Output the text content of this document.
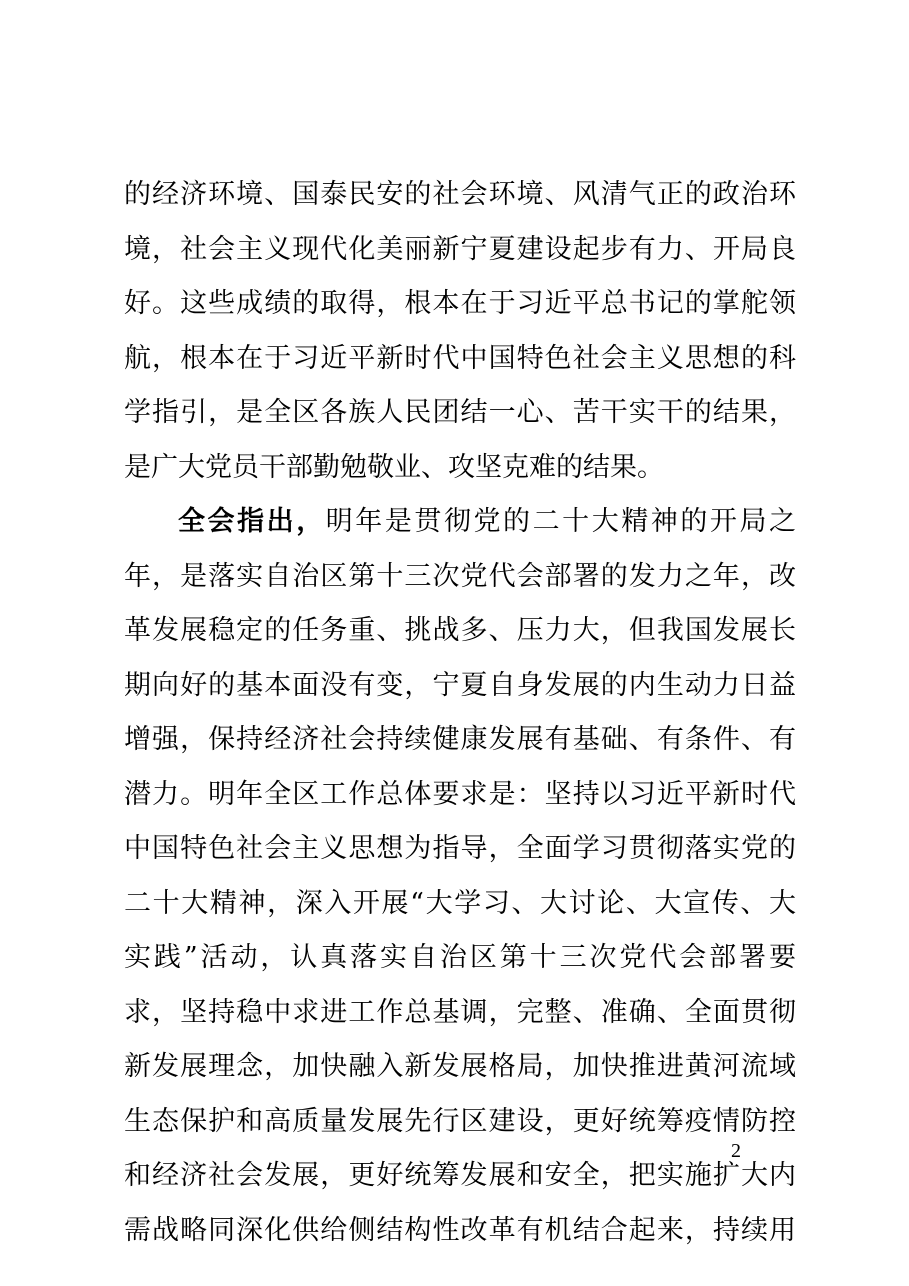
的经济环境、国泰民安的社会环境、风清气正的政治环
境，社会主义现代化美丽新宁夏建设起步有力、开局良
好。这些成绩的取得，根本在于习近平总书记的掌舵领
航，根本在于习近平新时代中国特色社会主义思想的科
学指引，是全区各族人民团结一心、苦干实干的结果，
是广大党员干部勤勉敬业、攻坚克难的结果。
全会指出，明年是贯彻党的二十大精神的开局之
年，是落实自治区第十三次党代会部署的发力之年，改
革发展稳定的任务重、挑战多、压力大，但我国发展长
期向好的基本面没有变，宁夏自身发展的内生动力日益
增强，保持经济社会持续健康发展有基础、有条件、有
潜力。明年全区工作总体要求是：坚持以习近平新时代
中国特色社会主义思想为指导，全面学习贯彻落实党的
二十大精神，深入开展“大学习、大讨论、大宣传、大
实践”活动，认真落实自治区第十三次党代会部署要
求，坚持稳中求进工作总基调，完整、准确、全面贯彻
新发展理念，加快融入新发展格局，加快推进黄河流域
生态保护和高质量发展先行区建设，更好统筹疫情防控
和经济社会发展，更好统筹发展和安全，把实施扩大内
需战略同深化供给侧结构性改革有机结合起来，持续用
2
